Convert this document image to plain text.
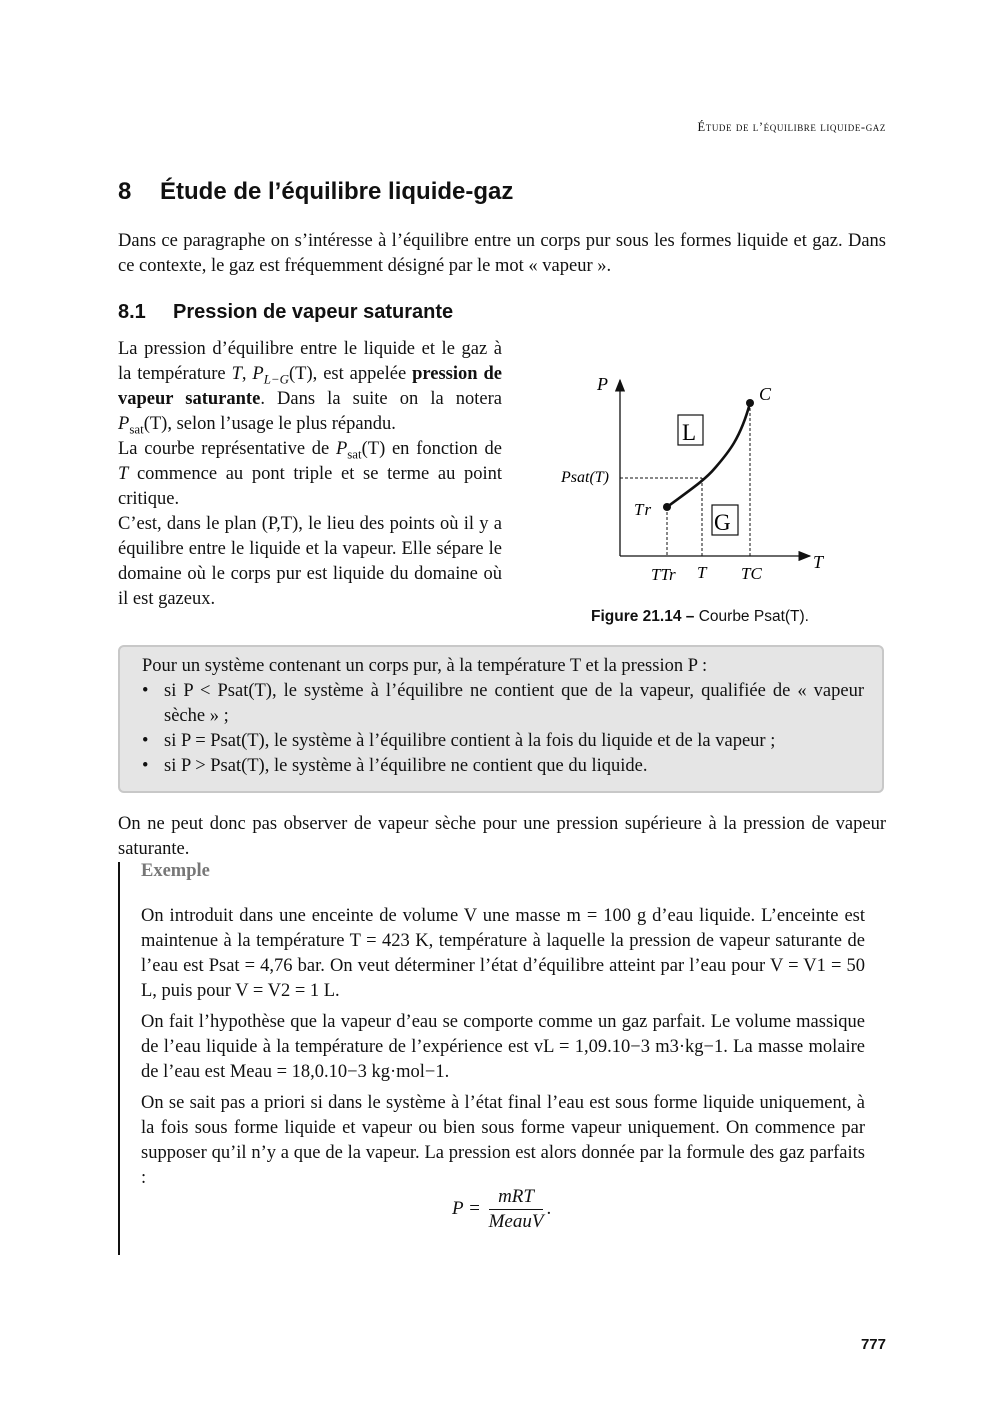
Étude de l’équilibre liquide-gaz
8 Étude de l’équilibre liquide-gaz
Dans ce paragraphe on s’intéresse à l’équilibre entre un corps pur sous les formes liquide et gaz. Dans ce contexte, le gaz est fréquemment désigné par le mot « vapeur ».
8.1 Pression de vapeur saturante

La pression d’équilibre entre le liquide et le gaz à la température T, $P_{L-G}(T)$, est appelée pression de vapeur saturante. Dans la suite on la notera $P_{sat}(T)$, selon l’usage le plus répandu.

La courbe représentative de $P_{sat}(T)$ en fonction de T commence au pont triple et se terme au point critique.

C’est, dans le plan (P,T), le lieu des points où il y a équilibre entre le liquide et la vapeur. Elle sépare le domaine où le corps pur est liquide du domaine où il est gazeux.

P
T
C
Tr
Psat(T)
L
G
TTr T TC
Figure 21.14 – Courbe Psat(T).

Pour un système contenant un corps pur, à la température T et la pression P :

• si P < Psat(T), le système à l’équilibre ne contient que de la vapeur, qualifiée de « vapeur sèche » ;

• si P = Psat(T), le système à l’équilibre contient à la fois du liquide et de la vapeur ;

• si P > Psat(T), le système à l’équilibre ne contient que du liquide.

On ne peut donc pas observer de vapeur sèche pour une pression supérieure à la pression de vapeur saturante.
Exemple

On introduit dans une enceinte de volume V une masse m = 100 g d’eau liquide. L’enceinte est maintenue à la température T = 423 K, température à laquelle la pression de vapeur saturante de l’eau est Psat = 4,76 bar. On veut déterminer l’état d’équilibre atteint par l’eau pour V = V1 = 50 L, puis pour V = V2 = 1 L.

On fait l’hypothèse que la vapeur d’eau se comporte comme un gaz parfait. Le volume massique de l’eau liquide à la température de l’expérience est vL = 1,09.10−3 m3·kg−1. La masse molaire de l’eau est Meau = 18,0.10−3 kg·mol−1.

On se sait pas a priori si dans le système à l’état final l’eau est sous forme liquide uniquement, à la fois sous forme liquide et vapeur ou bien sous forme vapeur uniquement. On commence par supposer qu’il n’y a que de la vapeur. La pression est alors donnée par la formule des gaz parfaits :

$P = \frac{\text{mRT}}{\text{MeauV}}$ .
777
